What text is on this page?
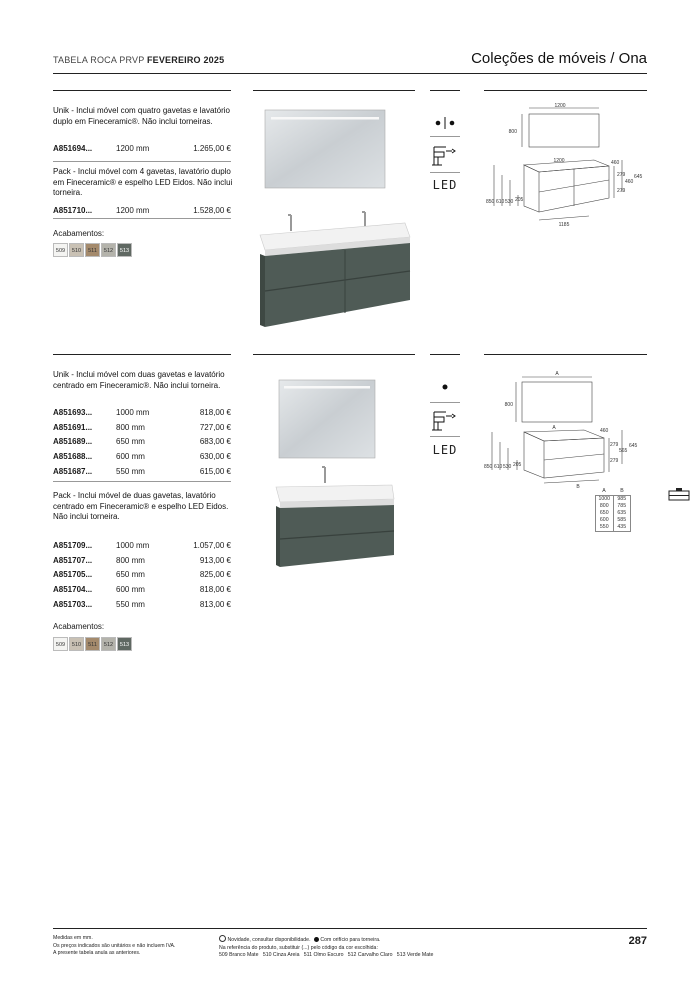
TABELA ROCA PRVP FEVEREIRO 2025	Coleções de móveis / Ona
Unik - Inclui móvel com quatro gavetas e lavatório duplo em Fineceramic®. Não inclui torneiras.
A851694...	1200 mm	1.265,00 €
Pack - Inclui móvel com 4 gavetas, lavatório duplo em Fineceramic® e espelho LED Eidos. Não inclui torneira.
A851710...	1200 mm	1.528,00 €
Acabamentos:
509	510	511	512	513
LED
1200
800
1200	460
1185
850 610 530 205
279 645
460
279
Unik - Inclui móvel com duas gavetas e lavatório centrado em Fineceramic®. Não inclui torneira.
A851693...	1000 mm	818,00 €
A851691...	800 mm	727,00 €
A851689...	650 mm	683,00 €
A851688...	600 mm	630,00 €
A851687...	550 mm	615,00 €
Pack - Inclui móvel de duas gavetas, lavatório centrado em Fineceramic® e espelho LED Eidos. Não inclui torneira.
A851709...	1000 mm	1.057,00 €
A851707...	800 mm	913,00 €
A851705...	650 mm	825,00 €
A851704...	600 mm	818,00 €
A851703...	550 mm	813,00 €
Acabamentos:
509	510	511	512	513
LED
A
800
A	460
B
850 610 530 205
279 645
565
279
A	B
1000	985
800	785
650	635
600	585
550	435
Medidas em mm.
Os preços indicados são unitários e não incluem IVA.
A presente tabela anula as anteriores.
Novidade, consultar disponibilidade. Com orifício para torneira.
Na referência do produto, substituir (...) pelo código da cor escolhida:
509 Branco Mate   510 Cinza Areia   511 Olmo Escuro   512 Carvalho Claro   513 Verde Mate
287
